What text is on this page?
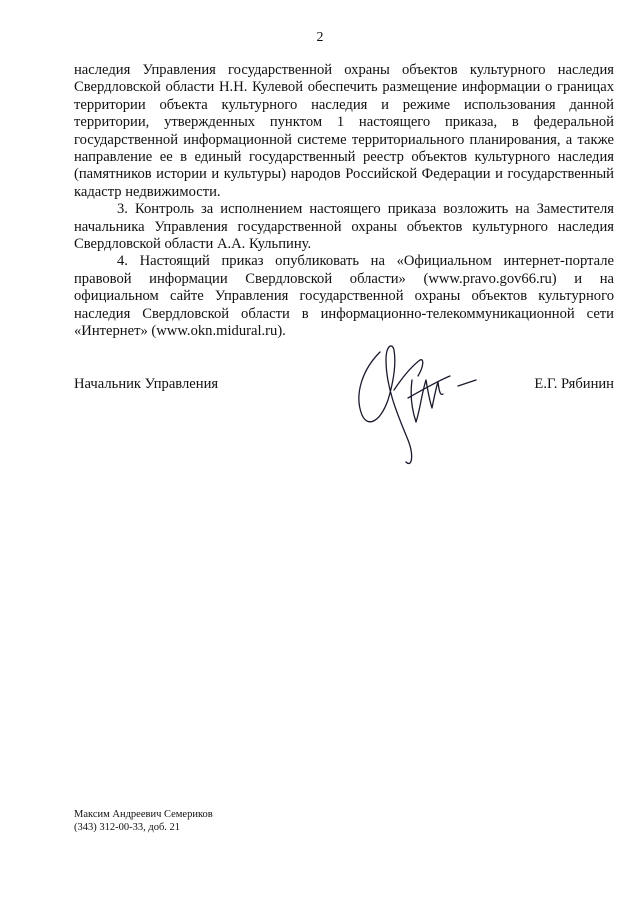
2

наследия Управления государственной охраны объектов культурного наследия Свердловской области Н.Н. Кулевой обеспечить размещение информации о границах территории объекта культурного наследия и режиме использования данной территории, утвержденных пунктом 1 настоящего приказа, в федеральной государственной информационной системе территориального планирования, а также направление ее в единый государственный реестр объектов культурного наследия (памятников истории и культуры) народов Российской Федерации и государственный кадастр недвижимости.

3. Контроль за исполнением настоящего приказа возложить на Заместителя начальника Управления государственной охраны объектов культурного наследия Свердловской области А.А. Кульпину.

4. Настоящий приказ опубликовать на «Официальном интернет-портале правовой информации Свердловской области» (www.pravo.gov66.ru) и на официальном сайте Управления государственной охраны объектов культурного наследия Свердловской области в информационно-телекоммуникационной сети «Интернет» (www.okn.midural.ru).

Начальник Управления	Е.Г. Рябинин
Максим Андреевич Семериков
(343) 312-00-33, доб. 21
